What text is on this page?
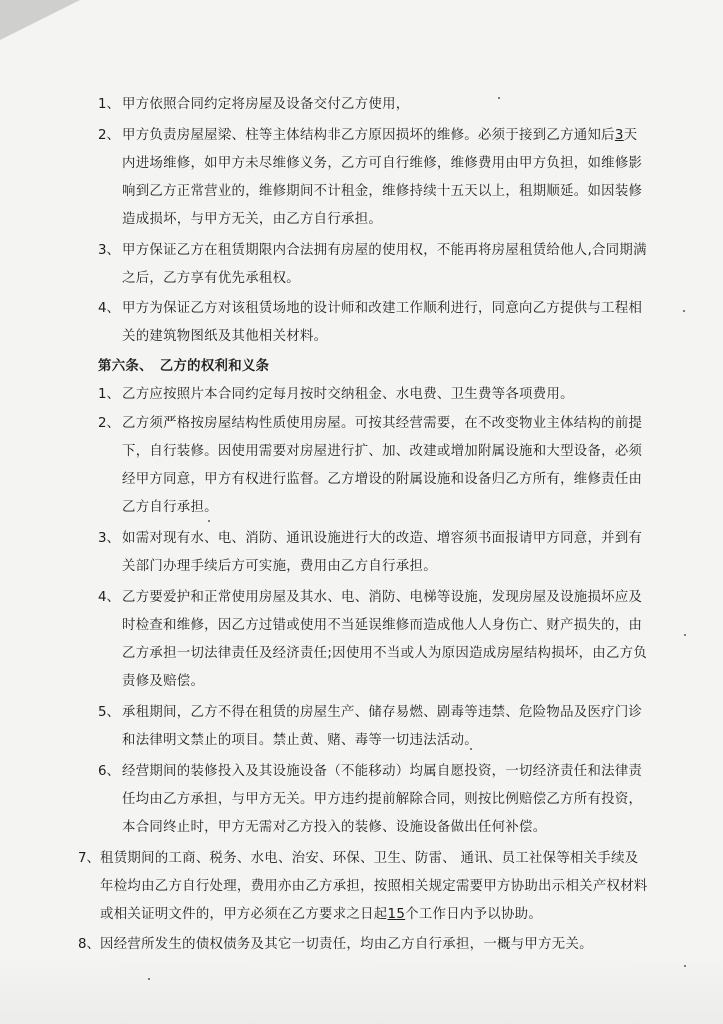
1、 甲方依照合同约定将房屋及设备交付乙方使用，
2、 甲方负责房屋屋梁、柱等主体结构非乙方原因损坏的维修。必须于接到乙方通知后3天
内进场维修，如甲方未尽维修义务，乙方可自行维修，维修费用由甲方负担，如维修影
响到乙方正常营业的，维修期间不计租金，维修持续十五天以上，租期顺延。如因装修
造成损坏，与甲方无关，由乙方自行承担。
3、 甲方保证乙方在租赁期限内合法拥有房屋的使用权，不能再将房屋租赁给他人,合同期满
之后，乙方享有优先承租权。
4、 甲方为保证乙方对该租赁场地的设计师和改建工作顺利进行，同意向乙方提供与工程相
关的建筑物图纸及其他相关材料。
第六条、　乙方的权利和义条
1、 乙方应按照片本合同约定每月按时交纳租金、水电费、卫生费等各项费用。
2、 乙方须严格按房屋结构性质使用房屋。可按其经营需要，在不改变物业主体结构的前提
下，自行装修。因使用需要对房屋进行扩、加、改建或增加附属设施和大型设备，必须
经甲方同意，甲方有权进行监督。乙方增设的附属设施和设备归乙方所有，维修责任由
乙方自行承担。
3、 如需对现有水、电、消防、通讯设施进行大的改造、增容须书面报请甲方同意，并到有
关部门办理手续后方可实施，费用由乙方自行承担。
4、 乙方要爱护和正常使用房屋及其水、电、消防、电梯等设施，发现房屋及设施损坏应及
时检查和维修，因乙方过错或使用不当延误维修而造成他人人身伤亡、财产损失的，由
乙方承担一切法律责任及经济责任;因使用不当或人为原因造成房屋结构损坏，由乙方负
责修及赔偿。
5、 承租期间，乙方不得在租赁的房屋生产、储存易燃、剧毒等违禁、危险物品及医疗门诊
和法律明文禁止的项目。禁止黄、赌、毒等一切违法活动。
6、 经营期间的装修投入及其设施设备（不能移动）均属自愿投资，一切经济责任和法律责
任均由乙方承担，与甲方无关。甲方违约提前解除合同，则按比例赔偿乙方所有投资，
本合同终止时，甲方无需对乙方投入的装修、设施设备做出任何补偿。
7、 租赁期间的工商、税务、水电、治安、环保、卫生、防雷、 通讯、员工社保等相关手续及
年检均由乙方自行处理，费用亦由乙方承担，按照相关规定需要甲方协助出示相关产权材料
或相关证明文件的，甲方必须在乙方要求之日起15个工作日内予以协助。
8、 因经营所发生的债权债务及其它一切责任，均由乙方自行承担，一概与甲方无关。
